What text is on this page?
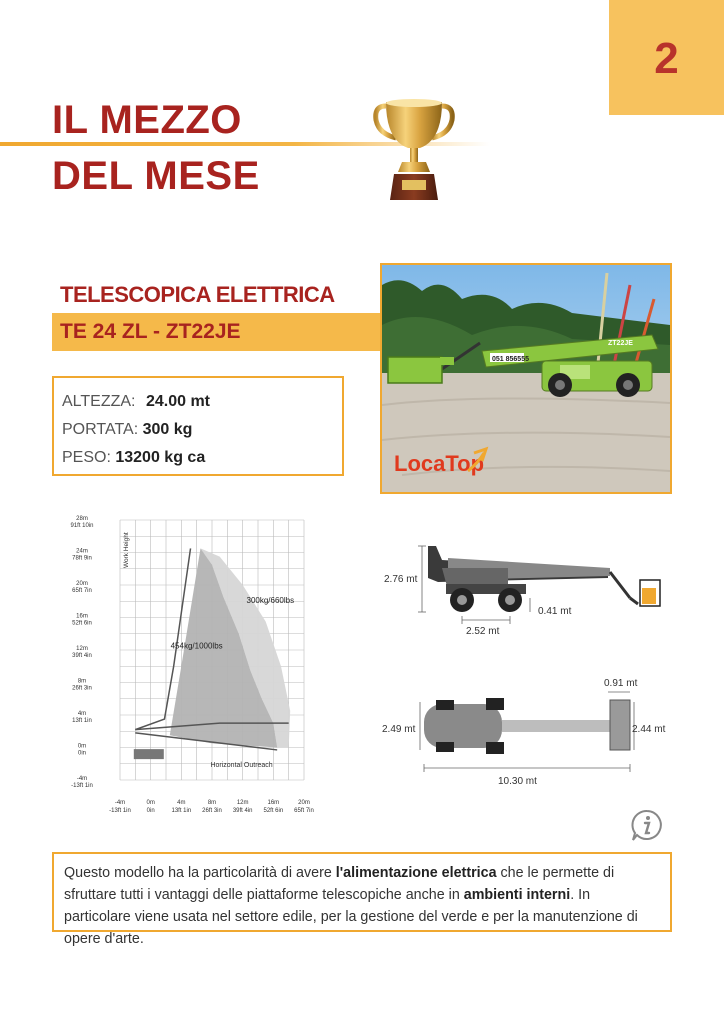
2
IL MEZZO
DEL MESE
TELESCOPICA ELETTRICA
TE 24 ZL - ZT22JE
ALTEZZA: 24.00 mt
PORTATA: 300 kg
PESO: 13200 kg ca
051 856555
ZT22JE
LocaTop
454kg/1000lbs
300kg/660lbs
Work Height
Horizontal Outreach
28m
91ft 10in
24m
78ft 9in
20m
65ft 7in
16m
52ft 6in
12m
39ft 4in
8m
26ft 3in
4m
13ft 1in
0m
0in
-4m
-13ft 1in
-4m
-13ft 1in
0m
0in
4m
13ft 1in
8m
26ft 3in
12m
39ft 4in
16m
52ft 6in
20m
65ft 7in
2.76 mt
0.41 mt
2.52 mt
0.91 mt
2.49 mt	2.44 mt
10.30 mt
Questo modello ha la particolarità di avere l'alimentazione elettrica che le permette di sfruttare tutti i vantaggi delle piattaforme telescopiche anche in ambienti interni. In particolare viene usata nel settore edile, per la gestione del verde e per la manutenzione di opere d'arte.
